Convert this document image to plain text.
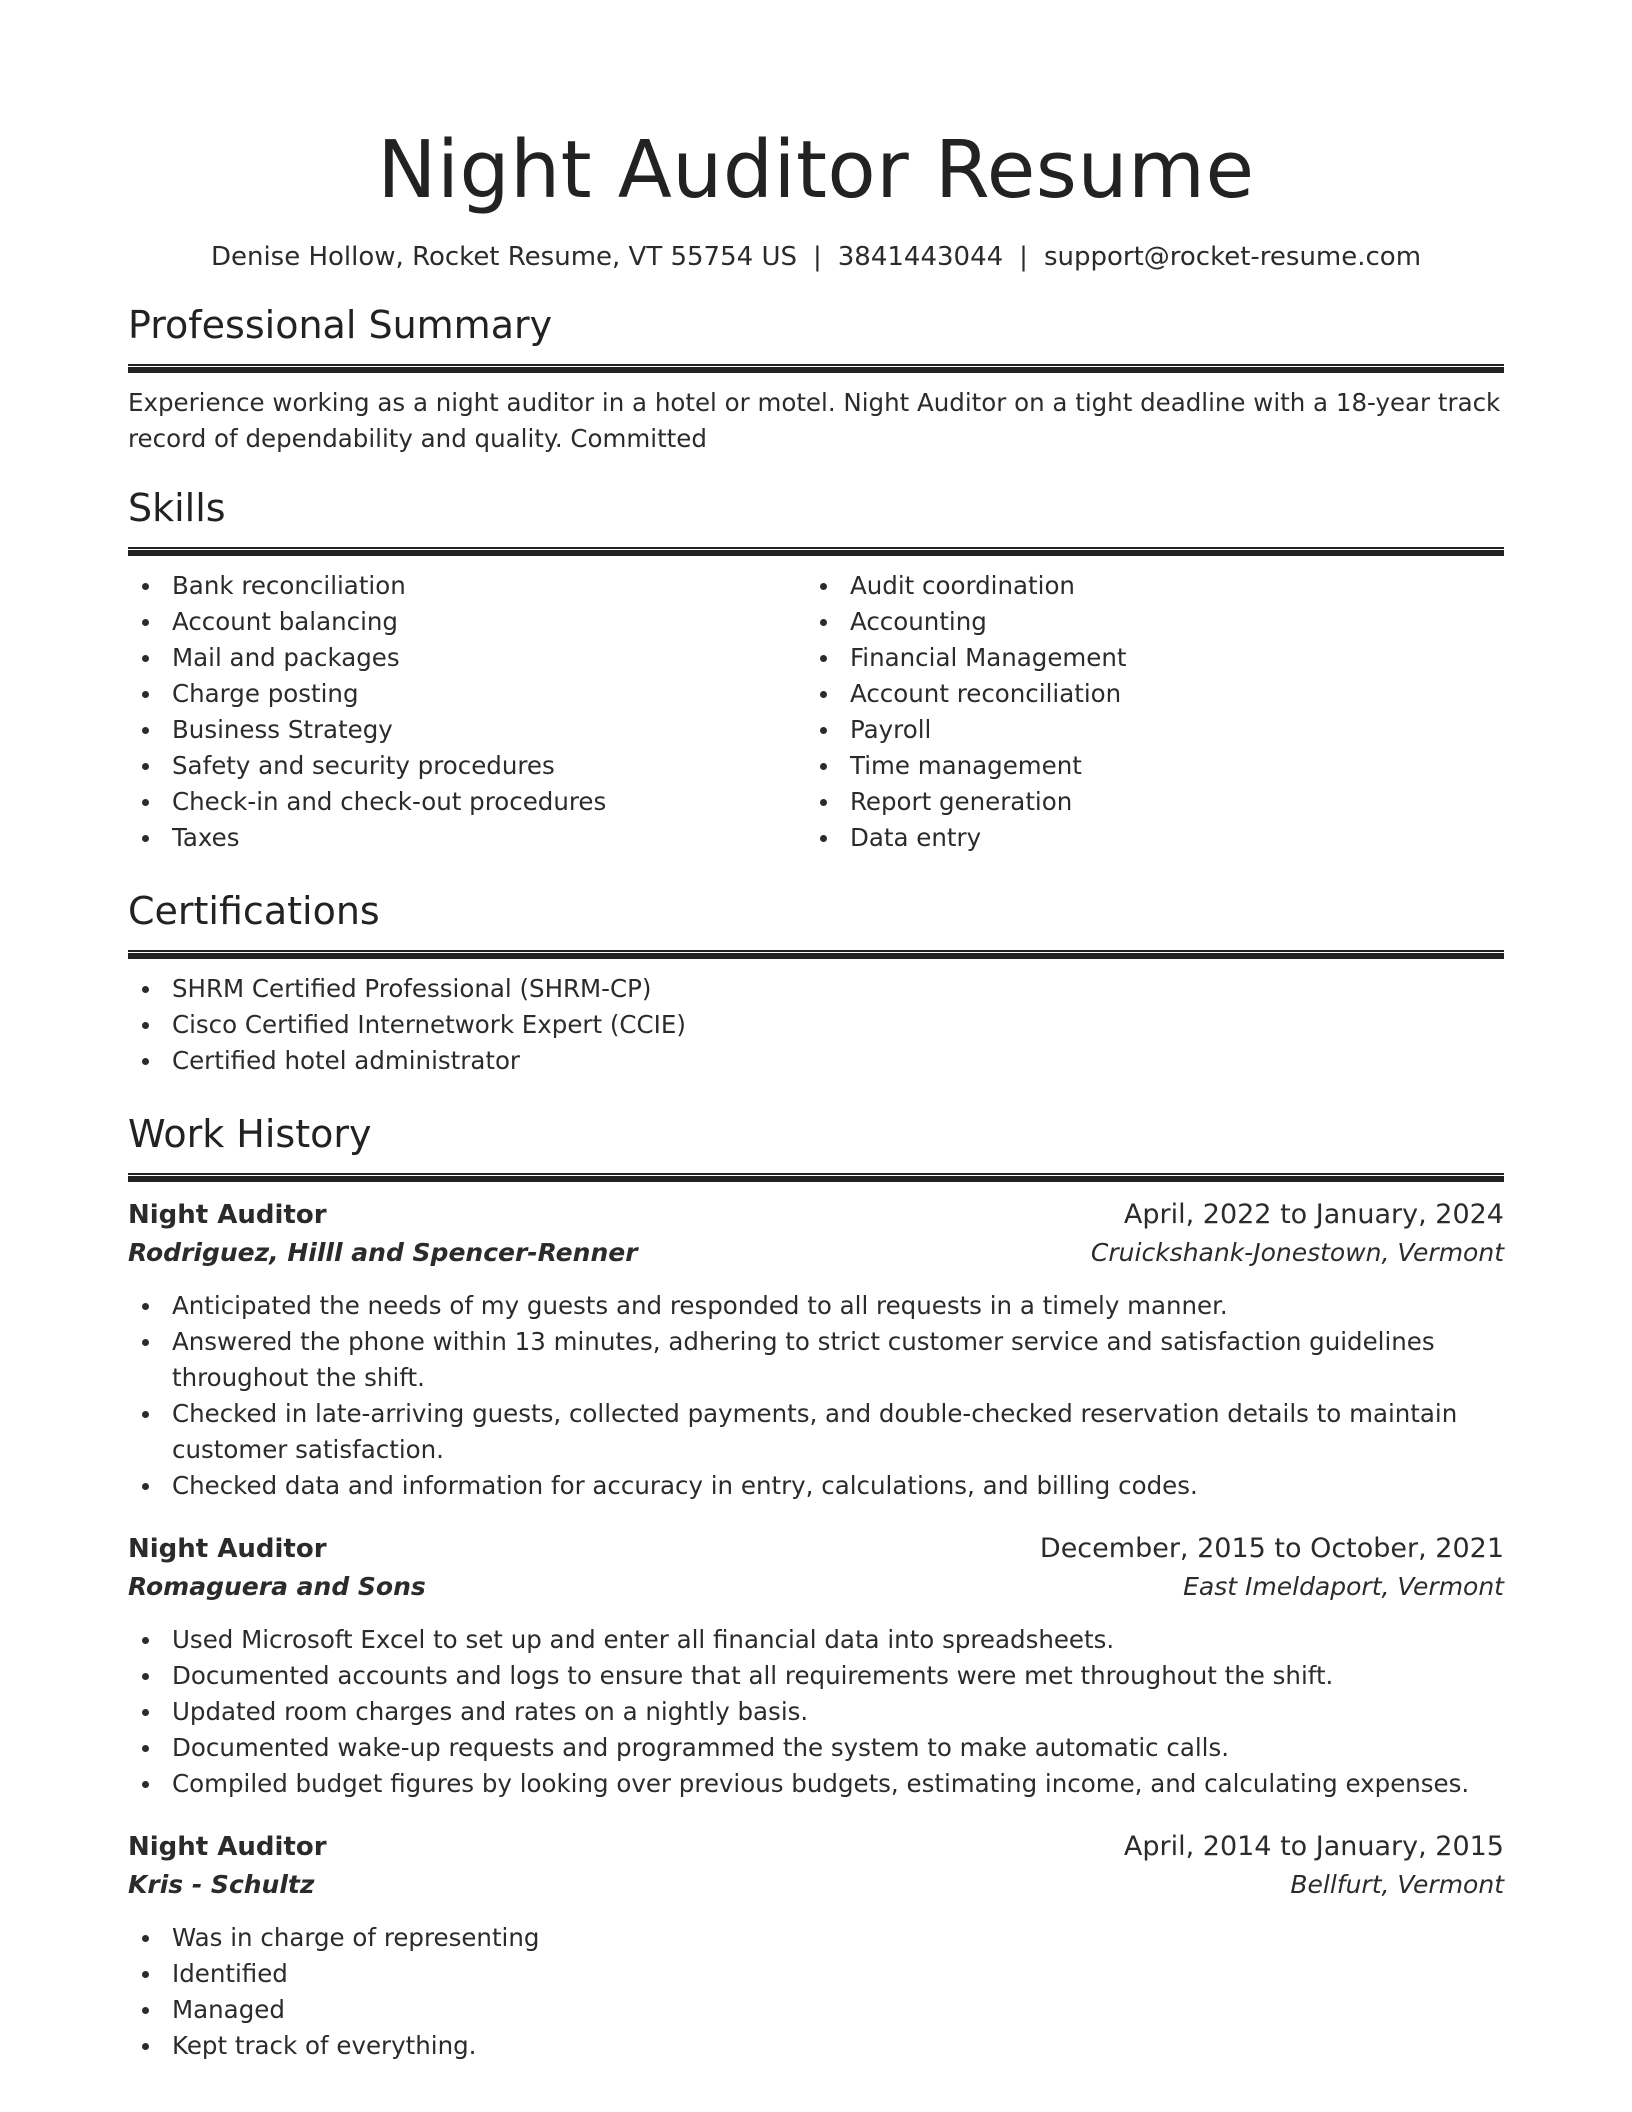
Night Auditor Resume
Denise Hollow, Rocket Resume, VT 55754 US | 3841443044 | support@rocket-resume.com
Professional Summary

Experience working as a night auditor in a hotel or motel. Night Auditor on a tight deadline with a 18-year track record of dependability and quality. Committed

Skills
Bank reconciliation
Account balancing
Mail and packages
Charge posting
Business Strategy
Safety and security procedures
Check-in and check-out procedures
Taxes
Audit coordination
Accounting
Financial Management
Account reconciliation
Payroll
Time management
Report generation
Data entry
Certifications
SHRM Certified Professional (SHRM-CP)
Cisco Certified Internetwork Expert (CCIE)
Certified hotel administrator
Work History
Night Auditor	April, 2022 to January, 2024
Rodriguez, Hilll and Spencer-Renner	Cruickshank-Jonestown, Vermont
Anticipated the needs of my guests and responded to all requests in a timely manner.
Answered the phone within 13 minutes, adhering to strict customer service and satisfaction guidelines throughout the shift.
Checked in late-arriving guests, collected payments, and double-checked reservation details to maintain customer satisfaction.
Checked data and information for accuracy in entry, calculations, and billing codes.
Night Auditor	December, 2015 to October, 2021
Romaguera and Sons	East Imeldaport, Vermont
Used Microsoft Excel to set up and enter all financial data into spreadsheets.
Documented accounts and logs to ensure that all requirements were met throughout the shift.
Updated room charges and rates on a nightly basis.
Documented wake-up requests and programmed the system to make automatic calls.
Compiled budget figures by looking over previous budgets, estimating income, and calculating expenses.
Night Auditor	April, 2014 to January, 2015
Kris - Schultz	Bellfurt, Vermont
Was in charge of representing
Identified
Managed
Kept track of everything.
